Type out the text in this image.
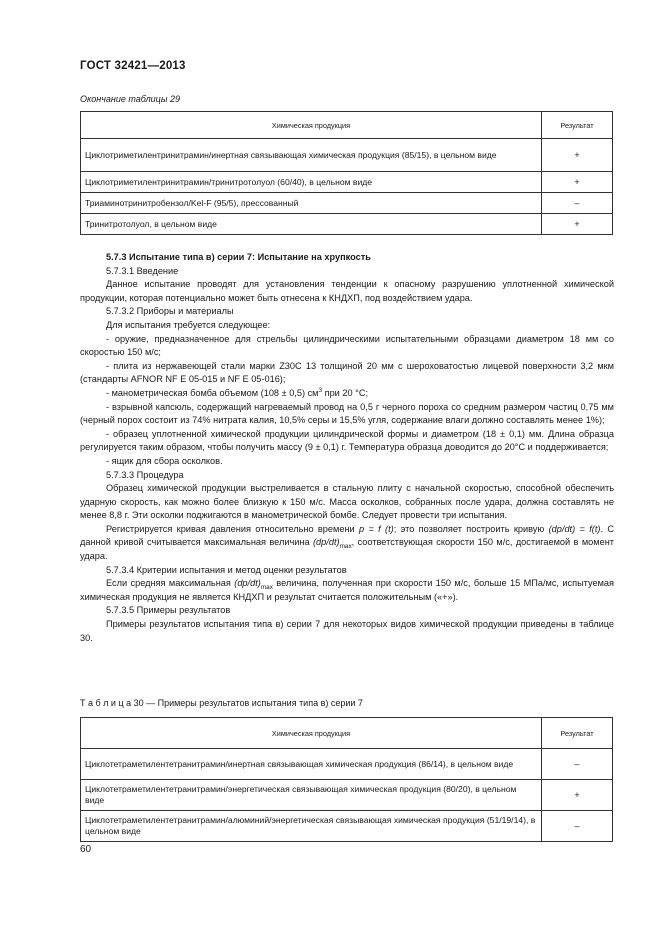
ГОСТ 32421—2013
Окончание таблицы 29
Химическая продукция	Результат
Циклотриметилентринитрамин/инертная связывающая химическая продукция (85/15), в цельном виде	+
Циклотриметилентринитрамин/тринитротолуол (60/40), в цельном виде	+
Триаминотринитробензол/Kel-F (95/5), прессованный	–
Тринитротолуол, в цельном виде	+

5.7.3 Испытание типа в) серии 7: Испытание на хрупкость

5.7.3.1 Введение

Данное испытание проводят для установления тенденции к опасному разрушению уплотненной химической продукции, которая потенциально может быть отнесена к КНДХП, под воздействием удара.

5.7.3.2 Приборы и материалы

Для испытания требуется следующее:

- оружие, предназначенное для стрельбы цилиндрическими испытательными образцами диаметром 18 мм со скоростью 150 м/с;

- плита из нержавеющей стали марки Z30C 13 толщиной 20 мм с шероховатостью лицевой поверхности 3,2 мкм (стандарты AFNOR NF E 05-015 и NF E 05-016);

- манометрическая бомба объемом (108 ± 0,5) $см^3$ при 20 °С;

- взрывной капсюль, содержащий нагреваемый провод на 0,5 г черного пороха со средним размером частиц 0,75 мм (черный порох состоит из 74% нитрата калия, 10,5% серы и 15,5% угля, содержание влаги должно составлять менее 1%);

- образец уплотненной химической продукции цилиндрической формы и диаметром (18 ± 0,1) мм. Длина образца регулируется таким образом, чтобы получить массу (9 ± 0,1) г. Температура образца доводится до 20°С и поддерживается;

- ящик для сбора осколков.

5.7.3.3 Процедура

Образец химической продукции выстреливается в стальную плиту с начальной скоростью, способной обеспечить ударную скорость, как можно более близкую к 150 м/с. Масса осколков, собранных после удара, должна составлять не менее 8,8 г. Эти осколки поджигаются в манометрической бомбе. Следует провести три испытания.

Регистрируется кривая давления относительно времени р = f (t); это позволяет построить кривую (dp/dt) = f(t). С данной кривой считывается максимальная величина $(dp/dt)_{max}$, соответствующая скорости 150 м/с, достигаемой в момент удара.

5.7.3.4 Критерии испытания и метод оценки результатов

Если средняя максимальная $(dp/dt)_{max}$ величина, полученная при скорости 150 м/с, больше 15 МПа/мс, испытуемая химическая продукция не является КНДХП и результат считается положительным («+»).

5.7.3.5 Примеры результатов

Примеры результатов испытания типа в) серии 7 для некоторых видов химической продукции приведены в таблице 30.

Т а б л и ц а 30 — Примеры результатов испытания типа в) серии 7
Химическая продукция	Результат
Циклотетраметилентетранитрамин/инертная связывающая химическая продукция (86/14), в цельном виде	–
Циклотетраметилентетранитрамин/энергетическая связывающая химическая продукция (80/20), в цельном виде	+
Циклотетраметилентетранитрамин/алюминий/энергетическая связывающая химическая продукция (51/19/14), в цельном виде	–
60
